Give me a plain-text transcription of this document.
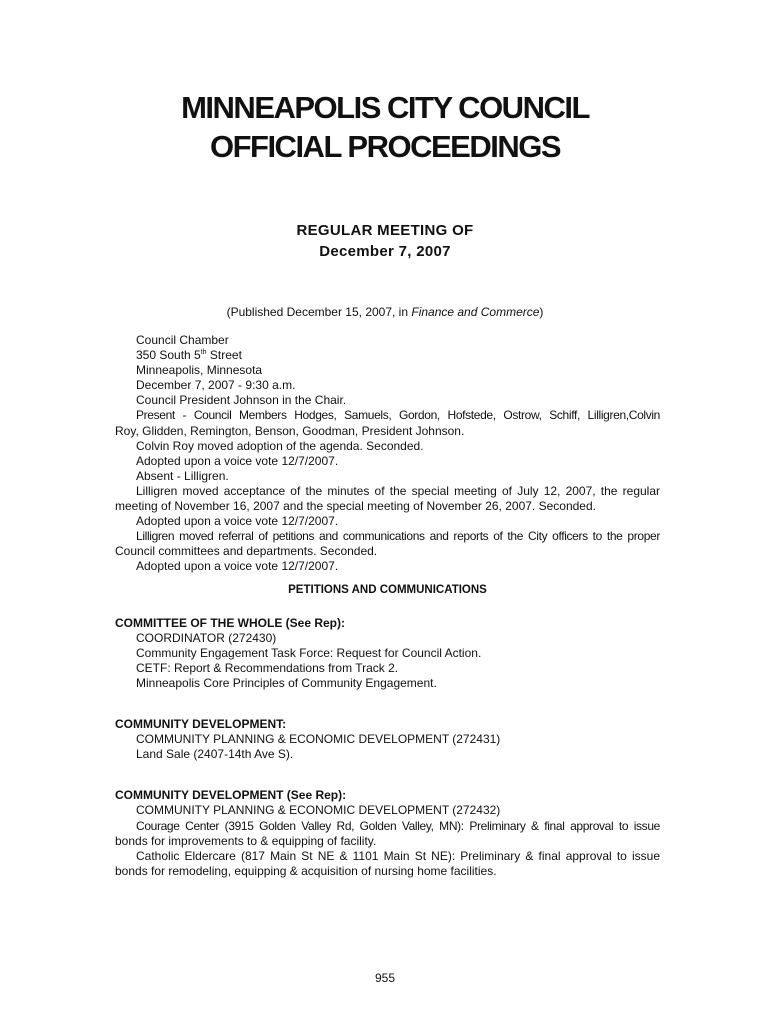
MINNEAPOLIS CITY COUNCIL
OFFICIAL PROCEEDINGS
REGULAR MEETING OF
December 7, 2007
(Published December 15, 2007, in Finance and Commerce)
Council Chamber
350 South 5th Street
Minneapolis, Minnesota
December 7, 2007 - 9:30 a.m.
Council President Johnson in the Chair.
Present - Council Members Hodges, Samuels, Gordon, Hofstede, Ostrow, Schiff, Lilligren,Colvin
Roy, Glidden, Remington, Benson, Goodman, President Johnson.
Colvin Roy moved adoption of the agenda. Seconded.
Adopted upon a voice vote 12/7/2007.
Absent - Lilligren.
Lilligren moved acceptance of the minutes of the special meeting of July 12, 2007, the regular
meeting of November 16, 2007 and the special meeting of November 26, 2007. Seconded.
Adopted upon a voice vote 12/7/2007.
Lilligren moved referral of petitions and communications and reports of the City officers to the proper
Council committees and departments. Seconded.
Adopted upon a voice vote 12/7/2007.
PETITIONS AND COMMUNICATIONS
COMMITTEE OF THE WHOLE (See Rep):
COORDINATOR (272430)
Community Engagement Task Force: Request for Council Action.
CETF: Report & Recommendations from Track 2.
Minneapolis Core Principles of Community Engagement.
COMMUNITY DEVELOPMENT:
COMMUNITY PLANNING & ECONOMIC DEVELOPMENT (272431)
Land Sale (2407-14th Ave S).
COMMUNITY DEVELOPMENT (See Rep):
COMMUNITY PLANNING & ECONOMIC DEVELOPMENT (272432)
Courage Center (3915 Golden Valley Rd, Golden Valley, MN): Preliminary & final approval to issue
bonds for improvements to & equipping of facility.
Catholic Eldercare (817 Main St NE & 1101 Main St NE): Preliminary & final approval to issue
bonds for remodeling, equipping & acquisition of nursing home facilities.
955
